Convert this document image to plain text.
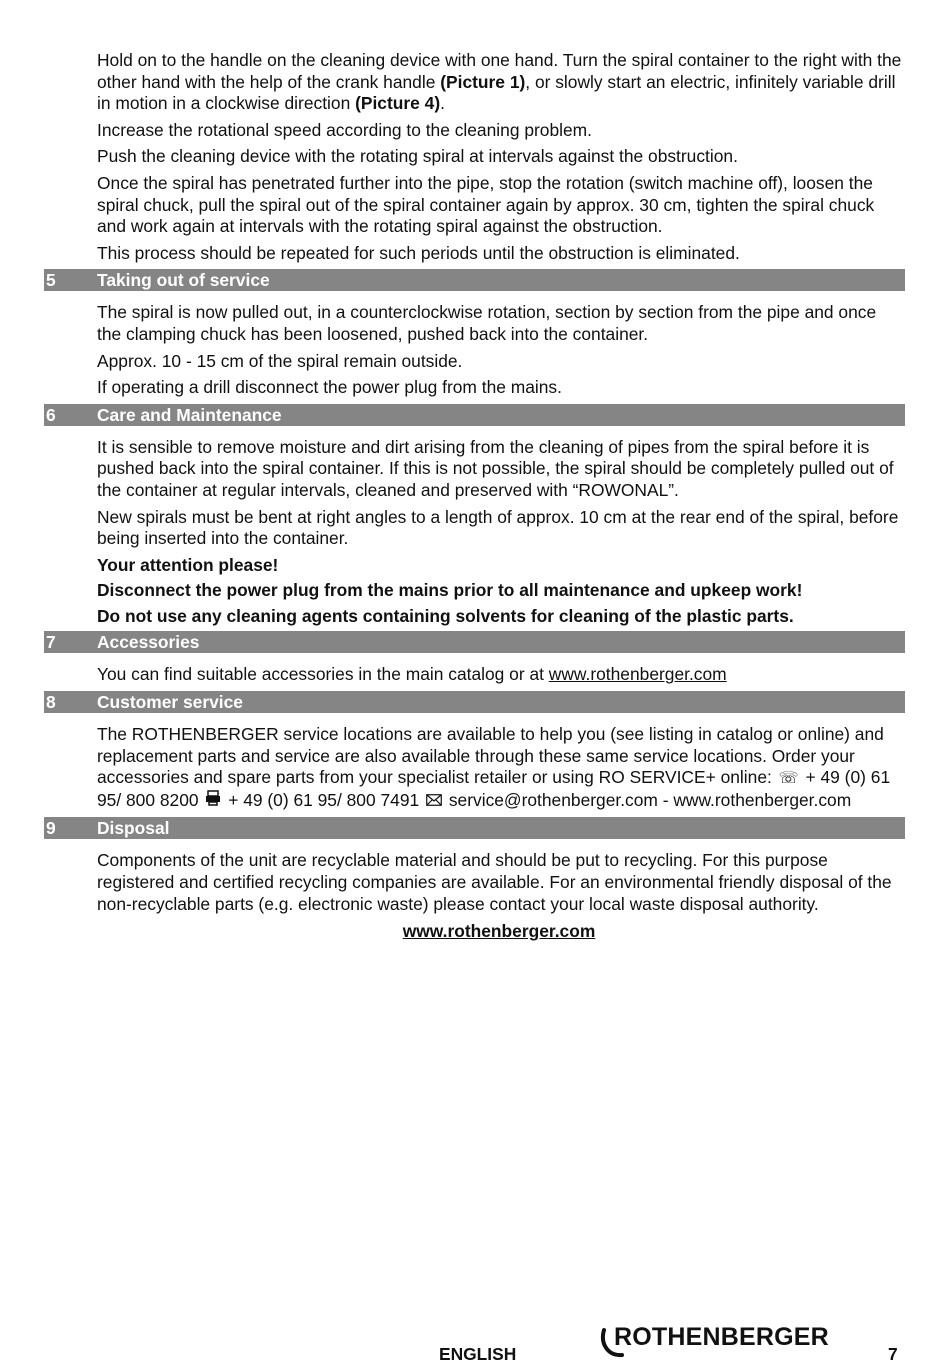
Hold on to the handle on the cleaning device with one hand. Turn the spiral container to the right with the other hand with the help of the crank handle (Picture 1), or slowly start an electric, infinitely variable drill in motion in a clockwise direction (Picture 4).

Increase the rotational speed according to the cleaning problem.

Push the cleaning device with the rotating spiral at intervals against the obstruction.

Once the spiral has penetrated further into the pipe, stop the rotation (switch machine off), loosen the spiral chuck, pull the spiral out of the spiral container again by approx. 30 cm, tighten the spiral chuck and work again at intervals with the rotating spiral against the obstruction.

This process should be repeated for such periods until the obstruction is eliminated.

5 Taking out of service

The spiral is now pulled out, in a counterclockwise rotation, section by section from the pipe and once the clamping chuck has been loosened, pushed back into the container.

Approx. 10 - 15 cm of the spiral remain outside.

If operating a drill disconnect the power plug from the mains.

6 Care and Maintenance

It is sensible to remove moisture and dirt arising from the cleaning of pipes from the spiral before it is pushed back into the spiral container. If this is not possible, the spiral should be completely pulled out of the container at regular intervals, cleaned and preserved with “ROWONAL”.

New spirals must be bent at right angles to a length of approx. 10 cm at the rear end of the spiral, before being inserted into the container.

Your attention please!

Disconnect the power plug from the mains prior to all maintenance and upkeep work!

Do not use any cleaning agents containing solvents for cleaning of the plastic parts.

7 Accessories

You can find suitable accessories in the main catalog or at www.rothenberger.com

8 Customer service

The ROTHENBERGER service locations are available to help you (see listing in catalog or online) and replacement parts and service are also available through these same service locations. Order your accessories and spare parts from your specialist retailer or using RO SERVICE+ online: ☏ + 49 (0) 61 95/ 800 8200  + 49 (0) 61 95/ 800 7491  service@rothenberger.com - www.rothenberger.com

9 Disposal

Components of the unit are recyclable material and should be put to recycling. For this purpose registered and certified recycling companies are available. For an environmental friendly disposal of the non-recyclable parts (e.g. electronic waste) please contact your local waste disposal authority.

www.rothenberger.com
ENGLISH
ROTHENBERGER
7
